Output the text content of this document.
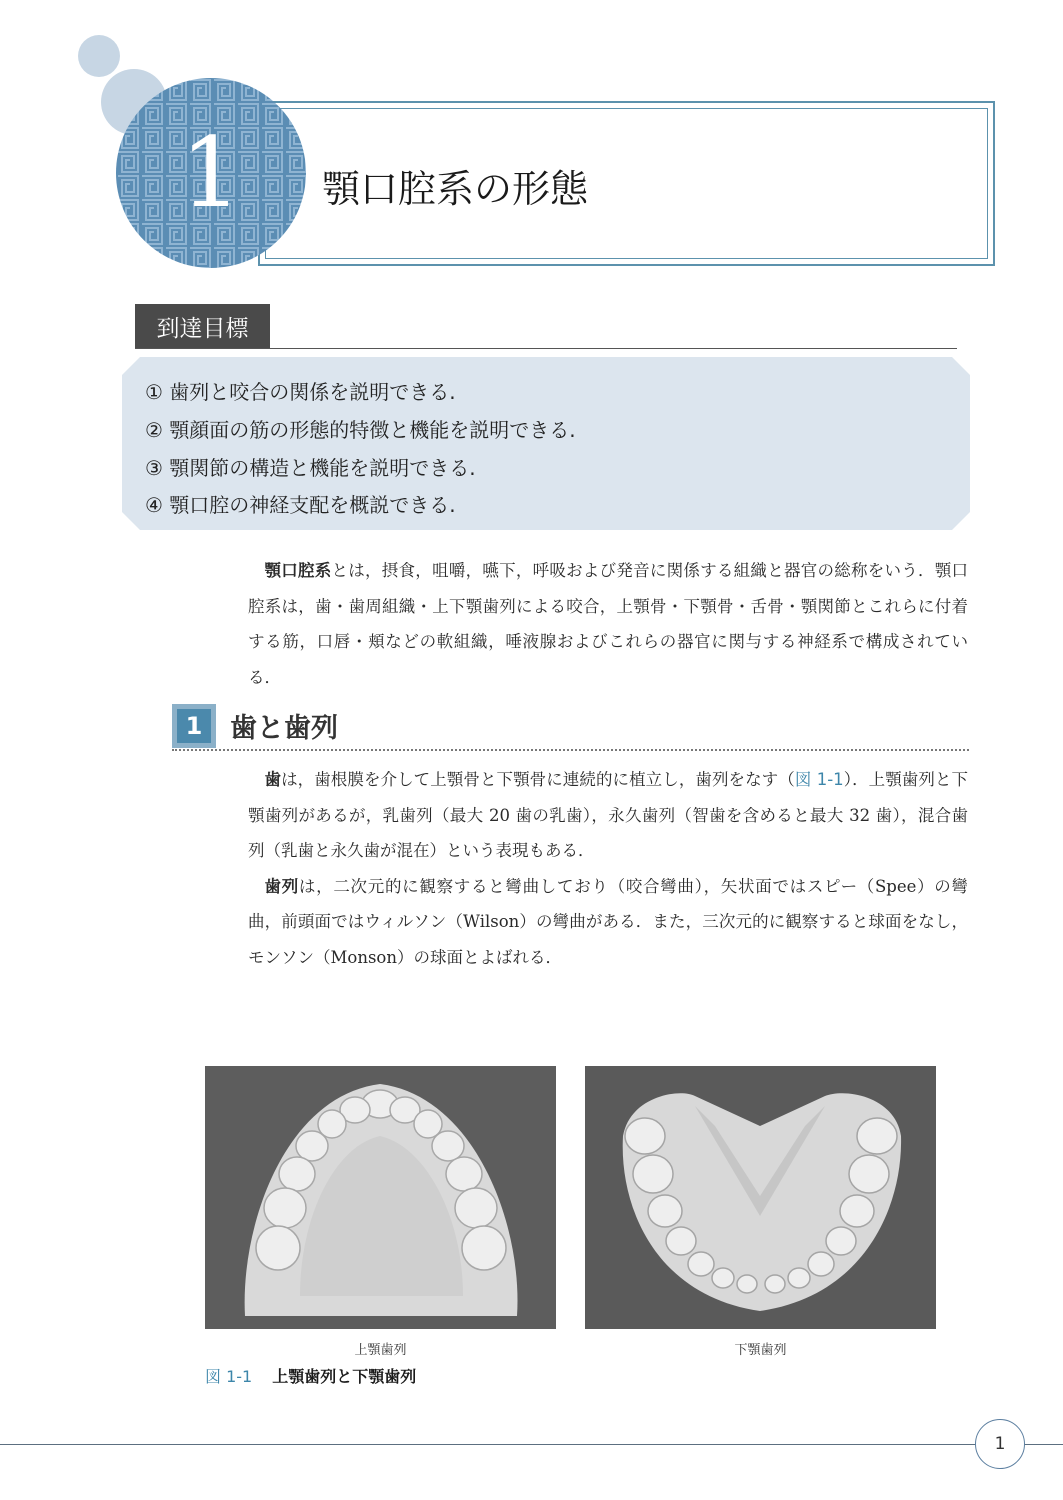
1	顎口腔系の形態
到達目標
① 歯列と咬合の関係を説明できる.
② 顎顔面の筋の形態的特徴と機能を説明できる.
③ 顎関節の構造と機能を説明できる.
④ 顎口腔の神経支配を概説できる.

顎口腔系とは，摂食，咀嚼，嚥下，呼吸および発音に関係する組織と器官の総称をいう．顎口腔系は，歯・歯周組織・上下顎歯列による咬合，上顎骨・下顎骨・舌骨・顎関節とこれらに付着する筋，口唇・頬などの軟組織，唾液腺およびこれらの器官に関与する神経系で構成されている．

1	歯と歯列

歯は，歯根膜を介して上顎骨と下顎骨に連続的に植立し，歯列をなす（図 1-1）．上顎歯列と下顎歯列があるが，乳歯列（最大 20 歯の乳歯），永久歯列（智歯を含めると最大 32 歯），混合歯列（乳歯と永久歯が混在）という表現もある．

歯列は，二次元的に観察すると彎曲しており（咬合彎曲），矢状面ではスピー（Spee）の彎曲，前頭面ではウィルソン（Wilson）の彎曲がある．また，三次元的に観察すると球面をなし，モンソン（Monson）の球面とよばれる．

上顎歯列	下顎歯列
図 1-1 上顎歯列と下顎歯列
1
